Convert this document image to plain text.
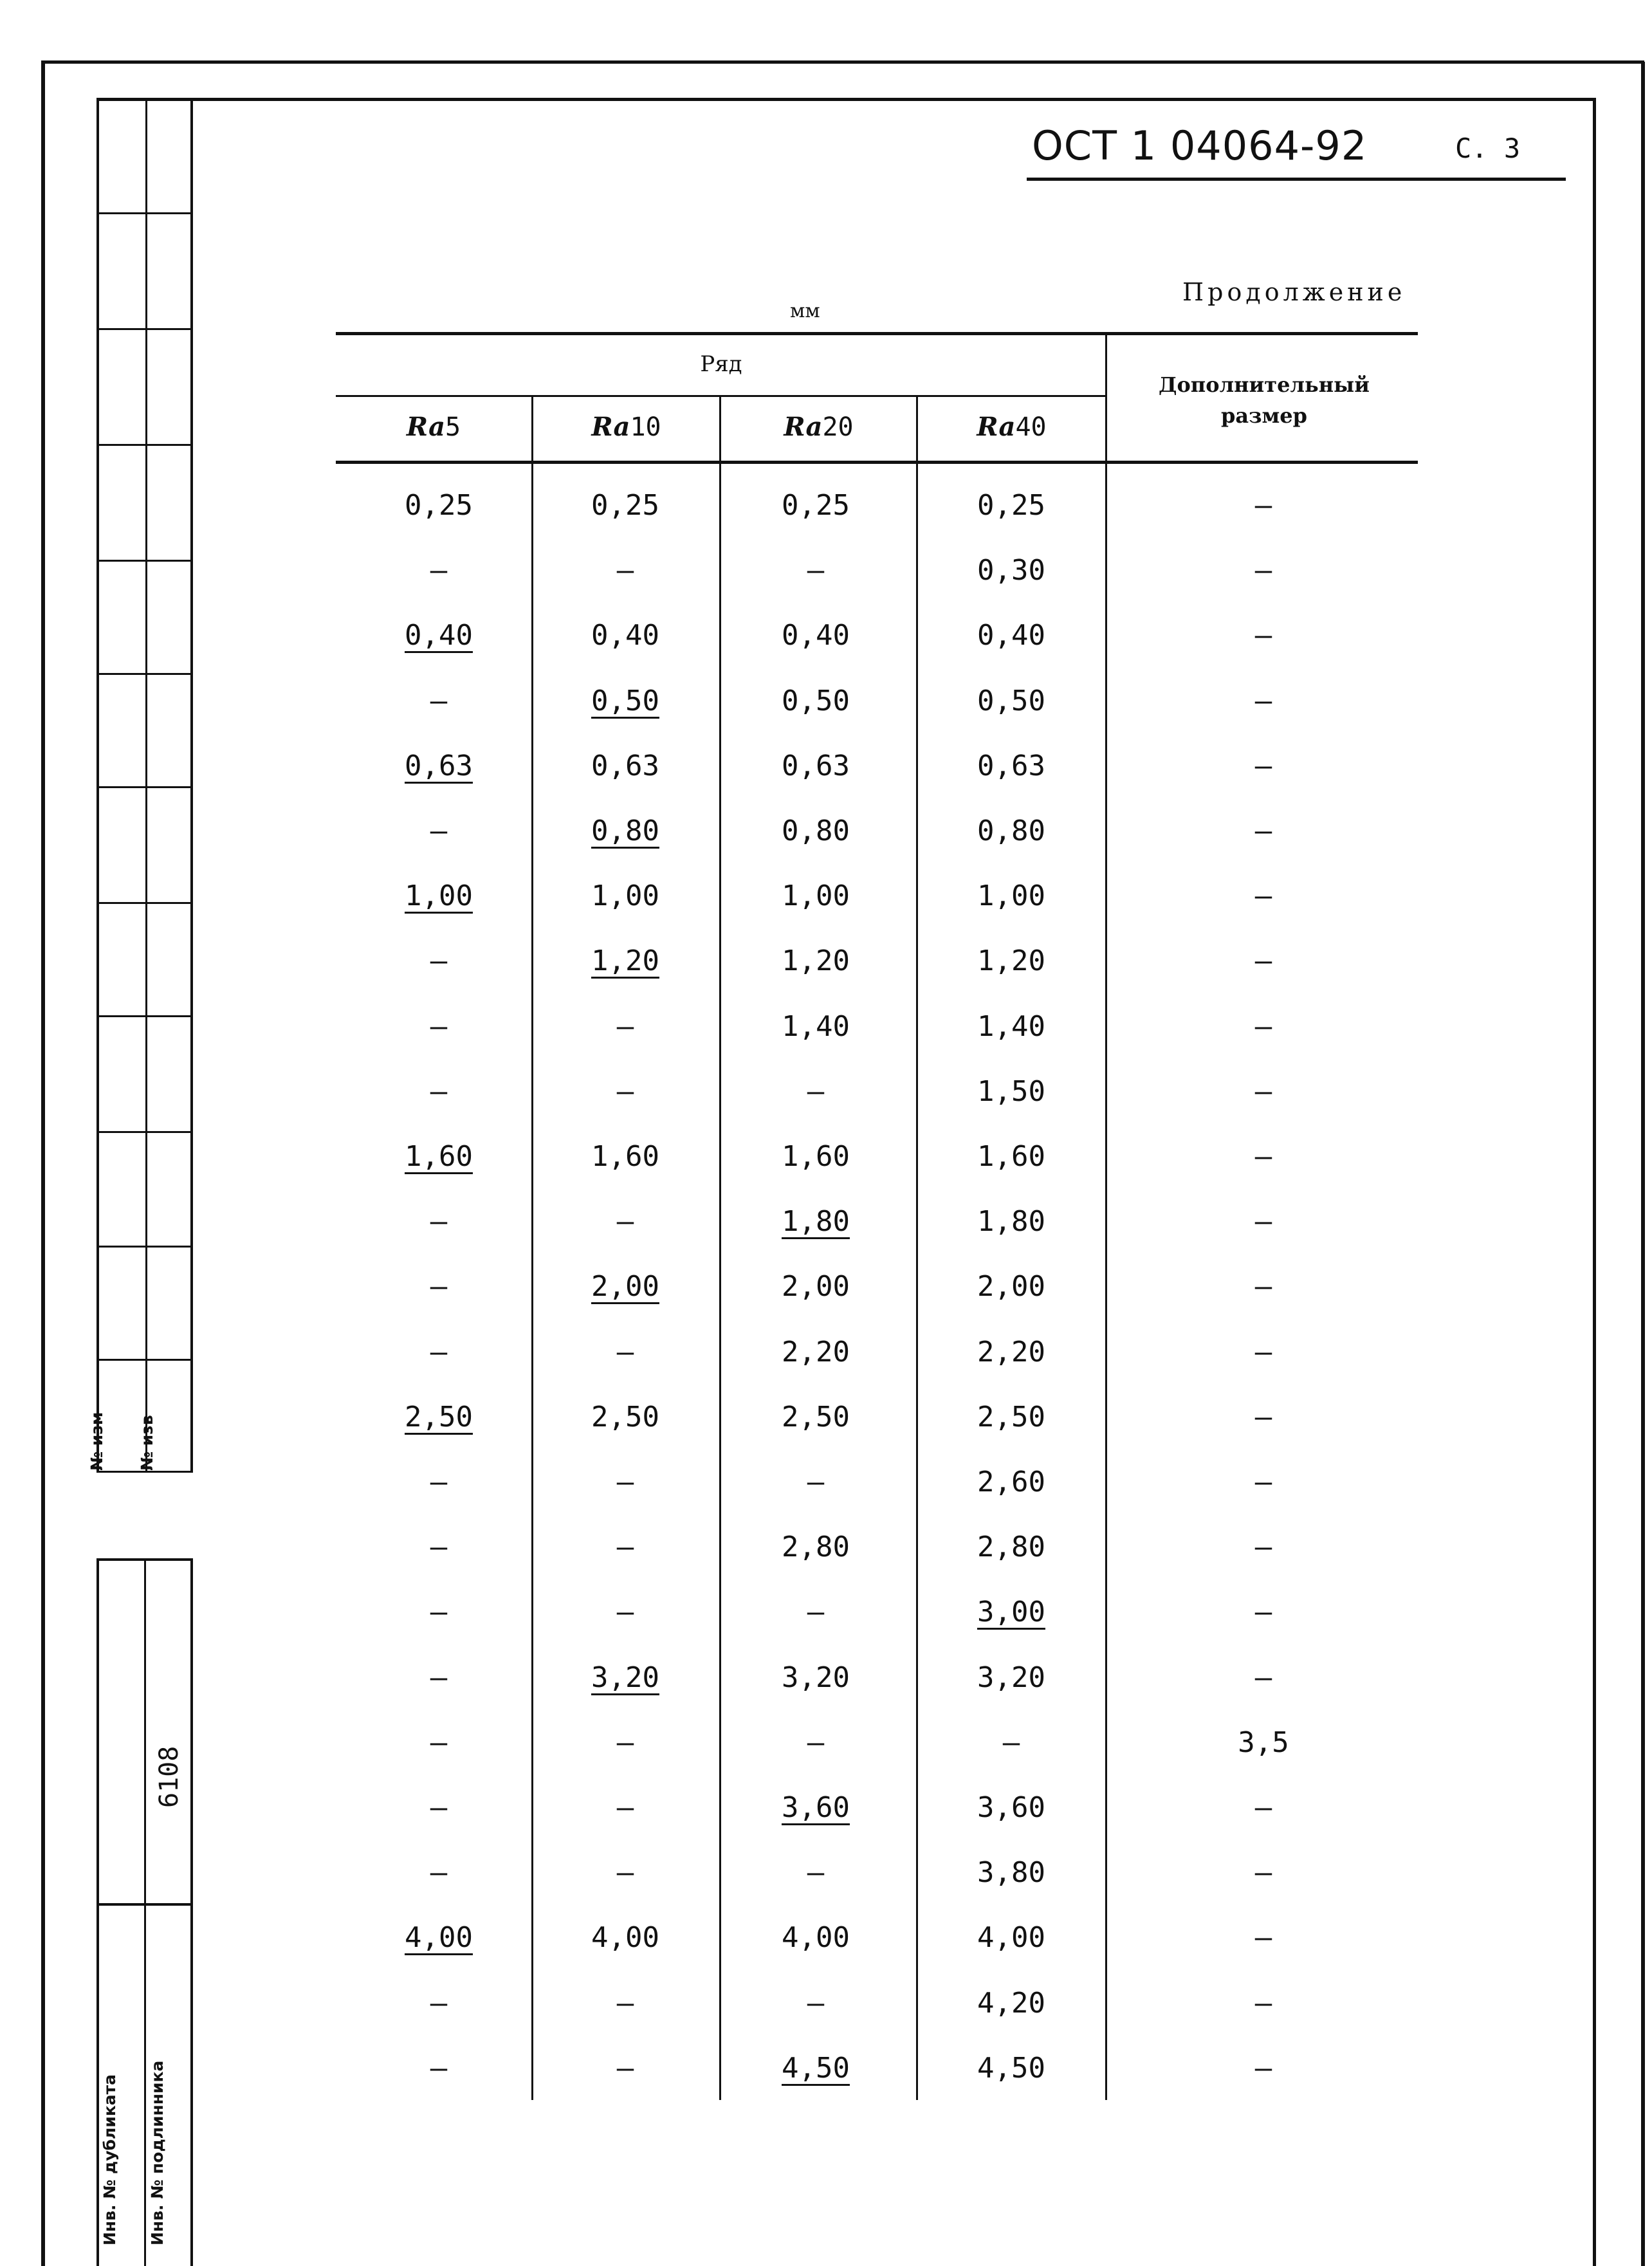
№ изм № изв
Инв. № дубликата Инв. № подлинника
6108
ОСТ 1 04064-92	С. 3
Продолжение
мм
Ряд
Дополнительный
размер
Ra5	Ra10	Ra20	Ra40
0,25	0,25	0,25	0,25	–
–	–	–	0,30	–
0,40	0,40	0,40	0,40	–
–	0,50	0,50	0,50	–
0,63	0,63	0,63	0,63	–
–	0,80	0,80	0,80	–
1,00	1,00	1,00	1,00	–
–	1,20	1,20	1,20	–
–	–	1,40	1,40	–
–	–	–	1,50	–
1,60	1,60	1,60	1,60	–
–	–	1,80	1,80	–
–	2,00	2,00	2,00	–
–	–	2,20	2,20	–
2,50	2,50	2,50	2,50	–
–	–	–	2,60	–
–	–	2,80	2,80	–
–	–	–	3,00	–
–	3,20	3,20	3,20	–
–	–	–	–	3,5
–	–	3,60	3,60	–
–	–	–	3,80	–
4,00	4,00	4,00	4,00	–
–	–	–	4,20	–
–	–	4,50	4,50	–
